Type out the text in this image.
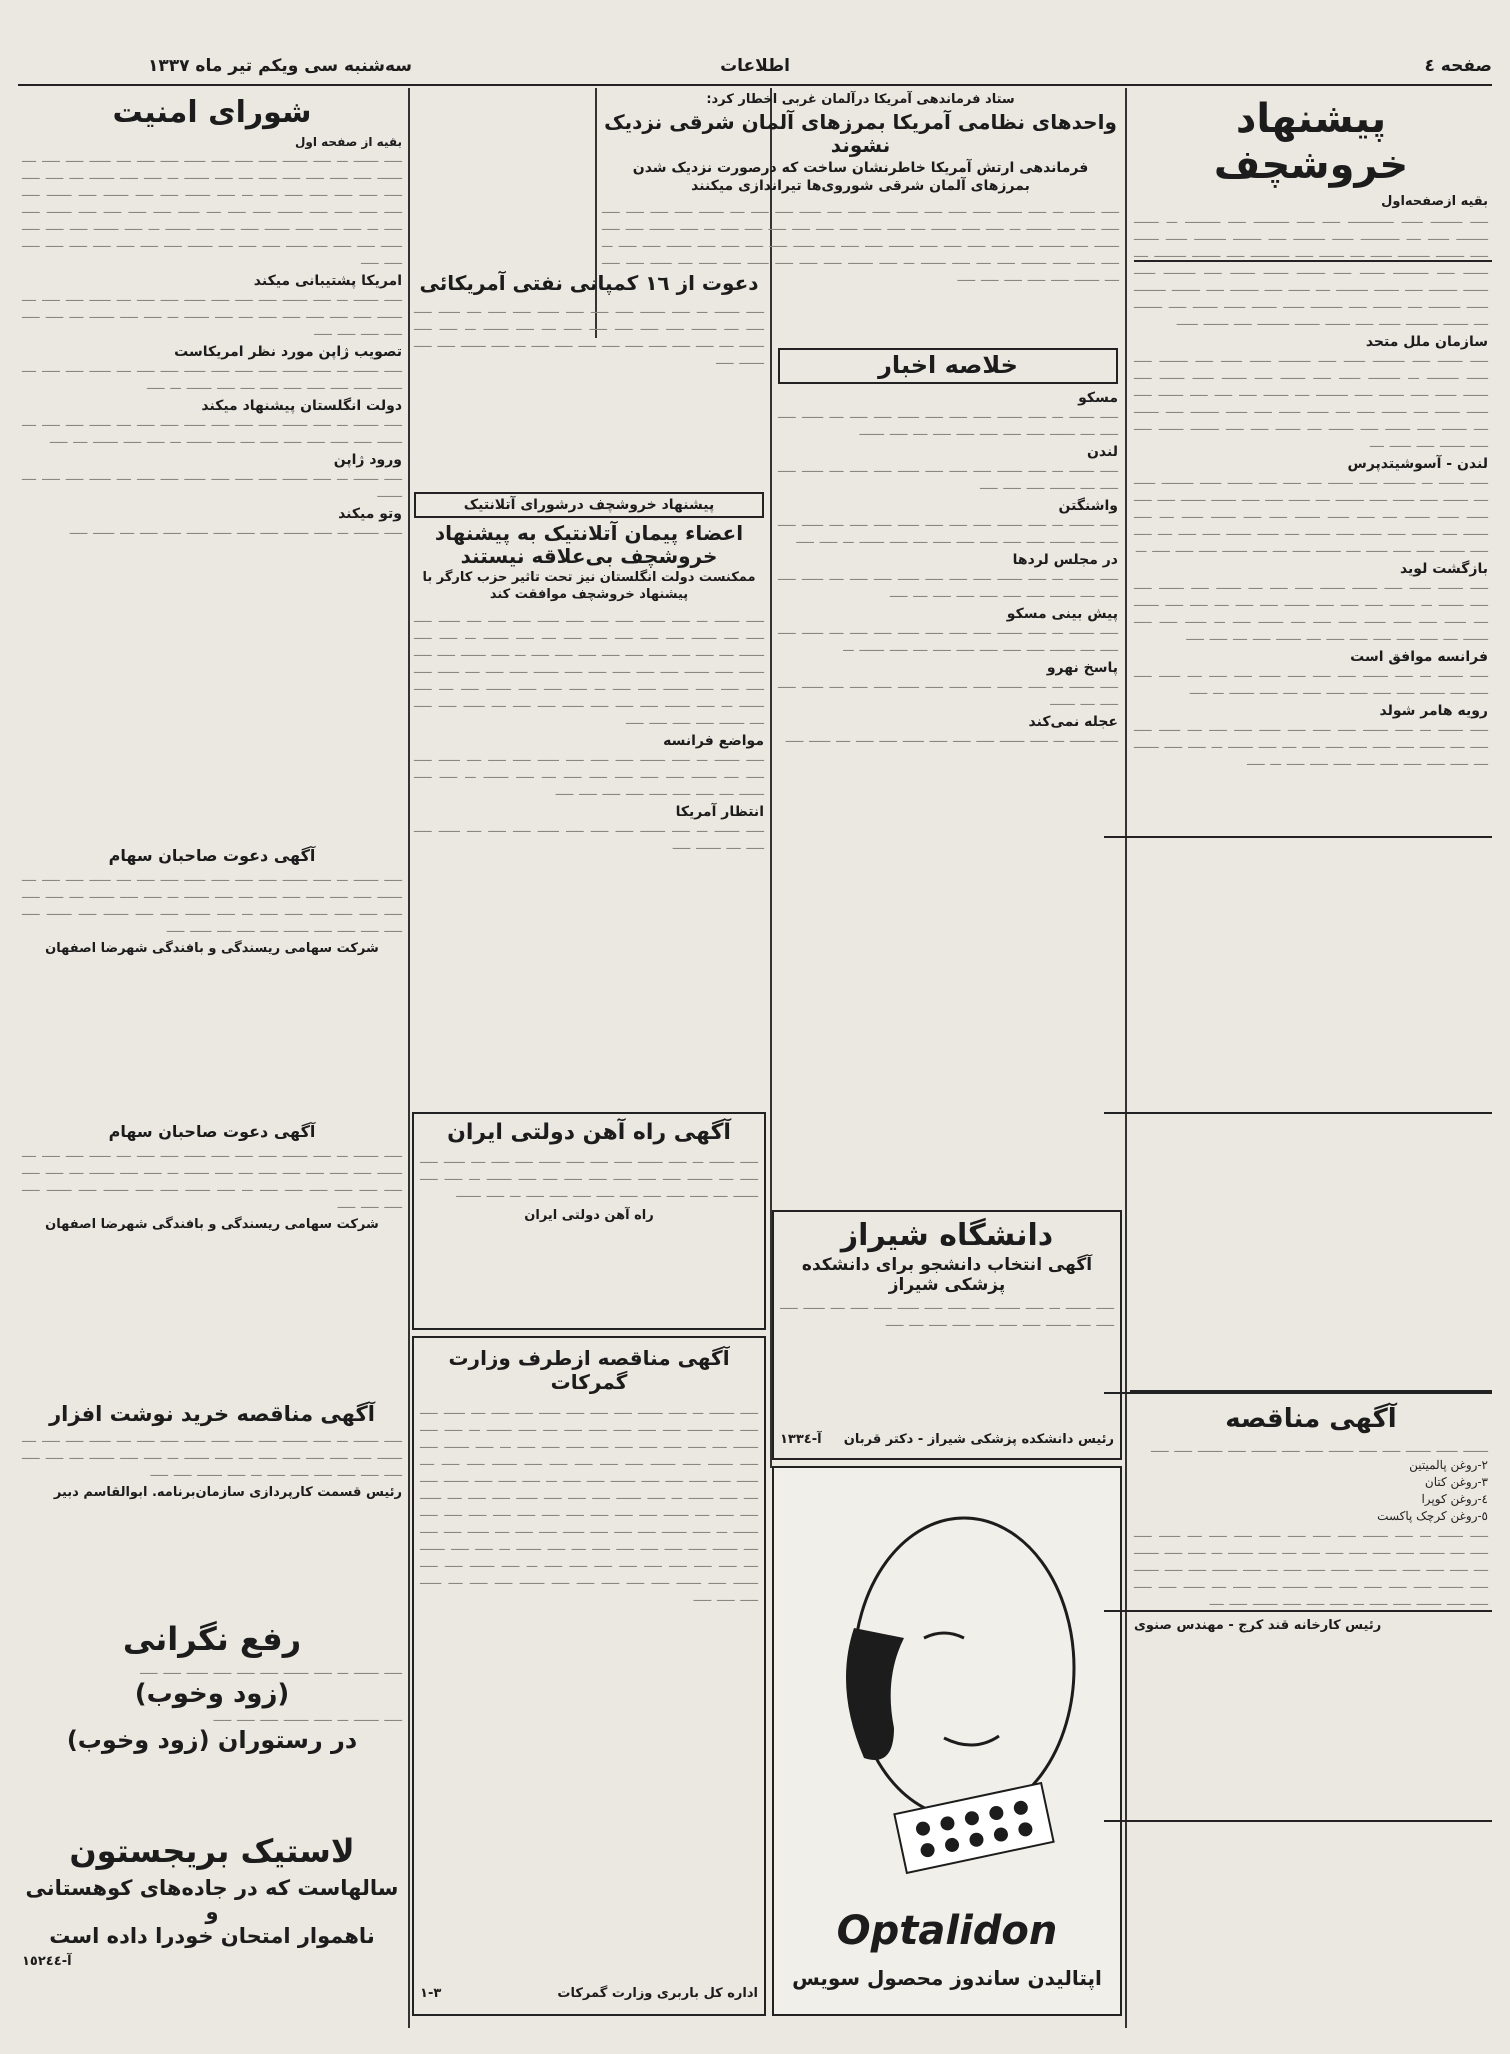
صفحه ٤
اطلاعات
سه‌شنبه سی ویکم تیر ماه ١٣٣٧
پیشنهاد خروشچف
بقیه ازصفحه‌اول
ـــــ ـــــــــ ــــــ ـــــــــــــ ـــــ ـــــ ــــــــــ ـــــ ــــــــــ ـــ ـــــــ ـــــــــ ــــــ ــــ ـــــــــــ ــــــ ـــــــــ ـــــ ــــــــ ـــــــــ ــــــ ـــــــ ـــــ ــــــــ ـــــــــ ــــــ ــــ ـــــــ ـــــ ـــــــــــ ـــــ ــــــــ ـــــــــ ــــ ـــــــ ـــــ ــــــــــ ـــــــ ـــــ ــــــــ ـــــــ ـــــــ ـــــ ـــــــــ ــــــ ـــــــ ــــــــ ـــــ ـــــــ ـــــــــ ــــ ــــــ ـــــ ــــــــ ـــــ ــــــــ ـــــــــ ــــــ ـــــــــ ــــ ــــــــ ـــــ ـــــــــ ــــــ ـــــــ ــــــ ـــــــ ـــــ ــــــــ ــــ ـــــــ ـــــــــ ــــــ ـــــ ـــــــ ـــــــ ـــــــــ ـــــ ـــــــ ــــــ
سازمان ملل متحد
ـــــ ـــــــ ـــــ ـــــــــ ــــــ ـــــ ـــــــــ ــــــ ــــــ ـــــ ــــــــ ـــــ ــــــ ـــــــــ ـــ ـــــــــ ــــــ ـــــ ـــــــ ـــــ ـــــــ ــــــ ـــــــ ـــــ ـــــــ ــــــ ـــــ ـــــــ ـــــ ـــــــــ ــــ ـــــــ ـــــ ـــــ ـــــ ـــــــ ـــــ ــــــ ـــــــ ــــ ـــــــ ـــــ ــــ ــــــ ــــــ ـــــ ــــــ ــــــــ ـــــ ـــــــ ــــ ـــــــ ـــــ ـــــــ ـــــ ـــــــ ــــ ـــــــ ـــــ ـــــ ــــــــ ـــــــ ـــــ ـــــ ـــــــ ـــــ ــــــ ــــ
لندن - آسوشیتدپرس
ـــــ ـــــــ ـــ ـــــــــ ـــــ ـــــــ ــــ ـــــ ـــــ ـــــــ ــــــ ـــــــــ ــــــ ــــ ـــــــ ـــــ ــــــ ـــــ ــــــــ ــــ ــــــ ـــــ ـــــ ـــــــ ـــــــ ـــــ ـــــ ــــــ ــــــ ـــــــ ــــ ـــــ ــــــ ـــــــ ـــــ ـــــ ـــــــ ــــــ ــــ ـــــ ـــــــ ــــ ـــــــ ـــــ ــــــ ـــــ ـــــــ ــــ ــــــ ـــــــ ـــــ ـــــ ــــ ـــــ ـــــ ـــــــ ـــــ ـــــ ــــــ ــــ ـــــــ ـــــ ــــ ــــ ـــــــ ـــــ ـــــ ـــــ ـــ
بازگشت لوید
ـــــ ـــــــ ــــــ ـــــ ـــــــ ـــــــ ـــــ ـــــ ــــ ـــــــ ـــــ ـــــــ ـــــ ـــــ ـــــــ ـــ ـــــــ ـــــ ـــــ ـــــ ـــــــ ـــــ ـــــ ــــ ـــــ ـــــ ـــــــ ــــ ــــــ ـــــ ـــــ ــــــ ـــــ ـــــ ــــ ـــــــ ـــــ ـــ ــــــ ـــــ ـــــ ـــــــ ــــ ـــــ ـــــ ـــــ ـــــ ـــــ ــــ ـــــــ ـــــ ــــ ـــــ ـــــ
فرانسه موافق است
ـــــ ـــــــ ـــ ـــــ ـــــــ ـــــ ـــــ ـــــ ــــــ ـــــ ـــــ ــــ ــــــ ـــــ ـــــ ــــ ـــــــ ـــــ ـــــ ـــــ ـــــ ـــــ ــــ ـــــ ـــــــ ـــ ـــــ
رویه هامر شولد
ـــــ ـــــــ ـــ ـــــ ـــــــ ـــــ ـــــ ـــــ ــــــ ـــــ ـــــ ــــ ــــــ ـــــ ـــــ ــــ ـــــــ ـــــ ـــــ ـــــ ـــــ ـــــ ــــ ـــــ ـــــــ ـــ ـــــ ـــــ ـــــــ ــــ ـــــ ـــــ ـــــ ـــــ ـــــ ـــــ ـــــ ـــــ ـــ ـــــ
آگهی مناقصه
ـــــــ ــــــ ـــــــ ـــــ ـــــ ـــــــ ـــــ ـــــ ـــــــ ـــــ ـــــــ ـــــ ـــــ
٢-روغن پالمیتین
٣-روغن کتان
٤-روغن کوپرا
٥-روغن کرچک پاکست
ـــــ ـــــــ ـــ ـــــ ـــــــ ـــــ ـــــ ـــــ ــــــ ـــــ ـــــ ــــ ــــــ ـــــ ـــــ ــــ ـــــــ ـــــ ـــــ ـــــ ـــــ ـــــ ــــ ـــــ ـــــــ ـــ ـــــ ـــــ ـــــــ ــــ ـــــ ـــــ ـــــ ـــــ ـــــ ـــــ ـــــ ـــــ ـــ ـــــ ـــــــ ـــــ ـــــ ـــــــ ـــــ ـــــــ ـــــ ـــــ ـــــ ـــــ ـــــ ـــــــ ـــــ ـــــ ــــ ــــــ ـــــ ـــــ ـــــ ـــــ ـــــــ ـــــ ـــــ ـــ ـــــ ـــــ ـــــ ـــــــ ـــــ ــــ
رئیس کارخانه قند کرج - مهندس صنوی
ستاد فرماندهی آمریکا درآلمان غربی اخطار کرد:
واحدهای نظامی آمریکا بمرزهای آلمان شرقی نزدیک نشوند
فرماندهی ارتش آمریکا خاطرنشان ساخت که درصورت نزدیک شدن بمرزهای آلمان شرقی شوروی‌ها تیراندازی میکنند
ـــــ ـــــــ ـــ ـــــ ـــــــ ـــــ ـــــ ـــــ ــــــ ـــــ ـــــ ــــ ــــــ ـــــ ـــــ ــــ ـــــــ ـــــ ـــــ ـــــ ـــــ ـــــ ــــ ـــــ ـــــــ ـــ ـــــ ـــــ ـــــــ ــــ ـــــ ـــــ ـــــ ـــــ ـــــ ـــــ ـــــ ـــــ ـــ ـــــ ـــــــ ـــــ ـــــ ـــــــ ـــــ ـــــــ ـــــ ـــــ ـــــ ـــــ ـــــ ـــــــ ـــــ ـــــ ــــ ــــــ ـــــ ـــــ ـــــ ـــــ ـــــــ ـــــ ـــــ ـــ ـــــ ـــــ ـــــ ـــــــ ـــــ ــــ ـــــ ـــــــ ـــ ـــــ ـــــــ ـــــ ـــــ ـــــ ــــــ ـــــ ـــــ ــــ ــــــ ـــــ ـــــ ــــ ـــــــ ـــــ ـــــ ـــــ ـــــ ـــــ
شورای امنیت
بقیه از صفحه اول
ـــــ ـــــــ ـــ ـــــ ـــــــ ـــــ ـــــ ـــــ ــــــ ـــــ ـــــ ــــ ــــــ ـــــ ـــــ ــــ ـــــــ ـــــ ـــــ ـــــ ـــــ ـــــ ــــ ـــــ ـــــــ ـــ ـــــ ـــــ ـــــــ ــــ ـــــ ـــــ ـــــ ـــــ ـــــ ـــــ ـــــ ـــــ ـــ ـــــ ـــــــ ـــــ ـــــ ـــــــ ـــــ ـــــــ ـــــ ـــــ ـــــ ـــــ ـــــ ـــــــ ـــــ ـــــ ــــ ــــــ ـــــ ـــــ ـــــ ـــــ ـــــــ ـــــ ـــــ ـــ ـــــ ـــــ ـــــ ـــــــ ـــــ ــــ ـــــ ـــــــ ـــ ـــــ ـــــــ ـــــ ـــــ ـــــ ــــــ ـــــ ـــــ ــــ ــــــ ـــــ ـــــ ــــ ـــــــ ـــــ ـــــ ـــــ ـــــ ـــــ ـــــ ـــــ ـــــ ـــــ
امریکا پشتیبانی میکند
ـــــ ـــــــ ـــ ـــــ ـــــــ ـــــ ـــــ ـــــ ــــــ ـــــ ـــــ ــــ ــــــ ـــــ ـــــ ــــ ـــــــ ـــــ ـــــ ـــــ ـــــ ـــــ ــــ ـــــ ـــــــ ـــ ـــــ ـــــ ـــــــ ــــ ـــــ ـــــ ـــــ ـــــ ـــــ ـــــ
تصویب ژاپن مورد نظر امریکاست
ـــــ ـــــــ ـــ ـــــ ـــــــ ـــــ ـــــ ـــــ ــــــ ـــــ ـــــ ــــ ــــــ ـــــ ـــــ ــــ ـــــــ ـــــ ـــــ ـــــ ـــــ ـــــ ــــ ـــــ ـــــــ ـــ ـــــ
دولت انگلستان پیشنهاد میکند
ـــــ ـــــــ ـــ ـــــ ـــــــ ـــــ ـــــ ـــــ ــــــ ـــــ ـــــ ــــ ــــــ ـــــ ـــــ ــــ ـــــــ ـــــ ـــــ ـــــ ـــــ ـــــ ــــ ـــــ ـــــــ ـــ ـــــ ـــــ ـــــــ ــــ ـــــ
ورود ژاپن
ـــــ ـــــــ ـــ ـــــ ـــــــ ـــــ ـــــ ـــــ ــــــ ـــــ ـــــ ــــ ــــــ ـــــ ـــــ ــــ ـــــــ
وتو میکند
ـــــ ـــــــ ـــ ـــــ ـــــــ ـــــ ـــــ ـــــ ــــــ ـــــ ـــــ ــــ ــــــ ـــــ
دعوت از ١٦ کمپانی نفتی آمریکائی
ـــــ ـــــــ ـــ ـــــ ـــــــ ـــــ ـــــ ـــــ ــــــ ـــــ ـــــ ــــ ــــــ ـــــ ـــــ ــــ ـــــــ ـــــ ـــــ ـــــ ـــــ ـــــ ــــ ـــــ ـــــــ ـــ ـــــ ـــــ ـــــــ ــــ ـــــ ـــــ ـــــ ـــــ ـــــ ـــــ ـــــ ـــــ ـــ ـــــ ـــــــ ـــــ ـــــ ـــــــ ـــــ	خلاصه اخبار
مسکو
ـــــ ـــــــ ـــ ـــــ ـــــــ ـــــ ـــــ ـــــ ــــــ ـــــ ـــــ ــــ ــــــ ـــــ ـــــ ــــ ـــــــ ـــــ ـــــ ـــــ ـــــ ـــــ ــــ ـــــ ـــــــ
لندن
ـــــ ـــــــ ـــ ـــــ ـــــــ ـــــ ـــــ ـــــ ــــــ ـــــ ـــــ ــــ ــــــ ـــــ ـــــ ــــ ـــــــ ـــــ ـــــ ـــــ
واشنگتن
ـــــ ـــــــ ـــ ـــــ ـــــــ ـــــ ـــــ ـــــ ــــــ ـــــ ـــــ ــــ ــــــ ـــــ ـــــ ــــ ـــــــ ـــــ ـــــ ـــــ ـــــ ـــــ ــــ ـــــ ـــــــ ـــ ـــــ ـــــ
در مجلس لردها
ـــــ ـــــــ ـــ ـــــ ـــــــ ـــــ ـــــ ـــــ ــــــ ـــــ ـــــ ــــ ــــــ ـــــ ـــــ ــــ ـــــــ ـــــ ـــــ ـــــ ـــــ ـــــ ــــ ـــــ
پیش بینی مسکو
ـــــ ـــــــ ـــ ـــــ ـــــــ ـــــ ـــــ ـــــ ــــــ ـــــ ـــــ ــــ ــــــ ـــــ ـــــ ــــ ـــــــ ـــــ ـــــ ـــــ ـــــ ـــــ ــــ ـــــ ـــــــ ـــ
پاسخ نهرو
ـــــ ـــــــ ـــ ـــــ ـــــــ ـــــ ـــــ ـــــ ــــــ ـــــ ـــــ ــــ ــــــ ـــــ ـــــ ــــ ـــــــ
عجله نمی‌کند
ـــــ ـــــــ ـــ ـــــ ـــــــ ـــــ ـــــ ـــــ ــــــ ـــــ ـــــ ــــ ــــــ ـــــ
پیشنهاد خروشچف درشورای آتلانتیک
اعضاء پیمان آتلانتیک به پیشنهاد خروشچف بی‌علاقه نیستند
ممکنست دولت انگلستان نیز تحت تاثیر حزب کارگر با پیشنهاد خروشچف موافقت کند
ـــــ ـــــــ ـــ ـــــ ـــــــ ـــــ ـــــ ـــــ ــــــ ـــــ ـــــ ــــ ــــــ ـــــ ـــــ ــــ ـــــــ ـــــ ـــــ ـــــ ـــــ ـــــ ــــ ـــــ ـــــــ ـــ ـــــ ـــــ ـــــــ ــــ ـــــ ـــــ ـــــ ـــــ ـــــ ـــــ ـــــ ـــــ ـــ ـــــ ـــــــ ـــــ ـــــ ـــــــ ـــــ ـــــــ ـــــ ـــــ ـــــ ـــــ ـــــ ـــــــ ـــــ ـــــ ــــ ــــــ ـــــ ـــــ ـــــ ـــــ ـــــــ ـــــ ـــــ ـــ ـــــ ـــــ ـــــ ـــــــ ـــــ ــــ ـــــ ـــــــ ـــ ـــــ ـــــــ ـــــ ـــــ ـــــ ــــــ ـــــ ـــــ ــــ ــــــ ـــــ ـــــ ــــ ـــــــ ـــــ ـــــ ـــــ ـــــ
مواضع فرانسه
ـــــ ـــــــ ـــ ـــــ ـــــــ ـــــ ـــــ ـــــ ــــــ ـــــ ـــــ ــــ ــــــ ـــــ ـــــ ــــ ـــــــ ـــــ ـــــ ـــــ ـــــ ـــــ ــــ ـــــ ـــــــ ـــ ـــــ ـــــ ـــــــ ــــ ـــــ ـــــ ـــــ ـــــ ـــــ ـــــ ـــــ
انتظار آمریکا
ـــــ ـــــــ ـــ ـــــ ـــــــ ـــــ ـــــ ـــــ ــــــ ـــــ ـــــ ــــ ــــــ ـــــ ـــــ ــــ ـــــــ ـــــ
آگهی راه آهن دولتی ایران
ـــــ ـــــــ ـــ ـــــ ـــــــ ـــــ ـــــ ـــــ ــــــ ـــــ ـــــ ــــ ــــــ ـــــ ـــــ ــــ ـــــــ ـــــ ـــــ ـــــ ـــــ ـــــ ــــ ـــــ ـــــــ ـــ ـــــ ـــــ ـــــــ ــــ ـــــ ـــــ ـــــ ـــــ ـــــ ـــــ ـــــ ـــــ ـــ ـــــ ـــــــ
راه آهن دولتی ایران
آگهی مناقصه ازطرف وزارت گمرکات
ـــــ ـــــــ ـــ ـــــ ـــــــ ـــــ ـــــ ـــــ ــــــ ـــــ ـــــ ــــ ــــــ ـــــ ـــــ ــــ ـــــــ ـــــ ـــــ ـــــ ـــــ ـــــ ــــ ـــــ ـــــــ ـــ ـــــ ـــــ ـــــــ ــــ ـــــ ـــــ ـــــ ـــــ ـــــ ـــــ ـــــ ـــــ ـــ ـــــ ـــــــ ـــــ ـــــ ـــــــ ـــــ ـــــــ ـــــ ـــــ ـــــ ـــــ ـــــ ـــــــ ـــــ ـــــ ــــ ــــــ ـــــ ـــــ ـــــ ـــــ ـــــــ ـــــ ـــــ ـــ ـــــ ـــــ ـــــ ـــــــ ـــــ ــــ ـــــ ـــــــ ـــ ـــــ ـــــــ ـــــ ـــــ ـــــ ــــــ ـــــ ـــــ ــــ ــــــ ـــــ ـــــ ــــ ـــــــ ـــــ ـــــ ـــــ ـــــ ـــــ ـــــ ـــــ ـــــ ـــــ ـــــ ـــــــ ـــ ـــــ ـــــــ ـــــ ـــــ ـــــ ــــــ ـــــ ـــــ ــــ ــــــ ـــــ ـــــ ــــ ـــــــ ـــــ ـــــ ـــــ ـــــ ـــــ ــــ ـــــ ـــــــ ـــ ـــــ ـــــ ـــــــ ــــ ـــــ ـــــ ـــــ ـــــ ـــــ ـــــ ـــــ ـــــ ـــ ـــــ ـــــــ ـــــ ـــــ ـــــــ ـــــ ـــــــ ـــــ ـــــ ـــــ ـــــ ـــــ ـــــــ ـــــ ـــــ ــــ ــــــ ـــــ ـــــ ـــــ
اداره کل باربری وزارت گمرکات
٣-١
دانشگاه شیراز
آگهی انتخاب دانشجو برای دانشکده پزشکی شیراز
ـــــ ـــــــ ـــ ـــــ ـــــــ ـــــ ـــــ ـــــ ــــــ ـــــ ـــــ ــــ ــــــ ـــــ ـــــ ــــ ـــــــ ـــــ ـــــ ـــــ ـــــ ـــــ ــــ ـــــ
رئیس دانشکده پزشکی شیراز - دکتر قربان
آ-١٣٣٤
Optalidon
اپتالیدن ساندوز محصول سویس
آگهی دعوت صاحبان سهام
ـــــ ـــــــ ـــ ـــــ ـــــــ ـــــ ـــــ ـــــ ــــــ ـــــ ـــــ ــــ ــــــ ـــــ ـــــ ــــ ـــــــ ـــــ ـــــ ـــــ ـــــ ـــــ ــــ ـــــ ـــــــ ـــ ـــــ ـــــ ـــــــ ــــ ـــــ ـــــ ـــــ ـــــ ـــــ ـــــ ـــــ ـــــ ـــ ـــــ ـــــــ ـــــ ـــــ ـــــــ ـــــ ـــــــ ـــــ ـــــ ـــــ ـــــ ـــــ ـــــــ ـــــ ـــــ ــــ ــــــ ـــــ
شرکت سهامی ریسندگی و بافندگی شهرضا اصفهان
آگهی دعوت صاحبان سهام
ـــــ ـــــــ ـــ ـــــ ـــــــ ـــــ ـــــ ـــــ ــــــ ـــــ ـــــ ــــ ــــــ ـــــ ـــــ ــــ ـــــــ ـــــ ـــــ ـــــ ـــــ ـــــ ــــ ـــــ ـــــــ ـــ ـــــ ـــــ ـــــــ ــــ ـــــ ـــــ ـــــ ـــــ ـــــ ـــــ ـــــ ـــــ ـــ ـــــ ـــــــ ـــــ ـــــ ـــــــ ـــــ ـــــــ ـــــ ـــــ ـــــ ـــــ
شرکت سهامی ریسندگی و بافندگی شهرضا اصفهان
آگهی مناقصه خرید نوشت افزار
ـــــ ـــــــ ـــ ـــــ ـــــــ ـــــ ـــــ ـــــ ــــــ ـــــ ـــــ ــــ ــــــ ـــــ ـــــ ــــ ـــــــ ـــــ ـــــ ـــــ ـــــ ـــــ ــــ ـــــ ـــــــ ـــ ـــــ ـــــ ـــــــ ــــ ـــــ ـــــ ـــــ ـــــ ـــــ ـــــ ـــــ ـــــ ـــ ـــــ ـــــــ ـــــ ـــــ
رئیس قسمت کارپردازی سازمان‌برنامه. ابوالقاسم دبیر
رفع نگرانی
ـــــ ـــــــ ـــ ـــــ ـــــــ ـــــ ـــــ ـــــ ــــــ ـــــ ـــــ
(زود وخوب)
ـــــ ـــــــ ـــ ـــــ ـــــــ ـــــ ـــــ ـــــ
در رستوران (زود وخوب)
لاستیک بریجستون
سالهاست که در جاده‌های کوهستانی و
ناهموار امتحان خودرا داده است
آ-١٥٢٤٤
